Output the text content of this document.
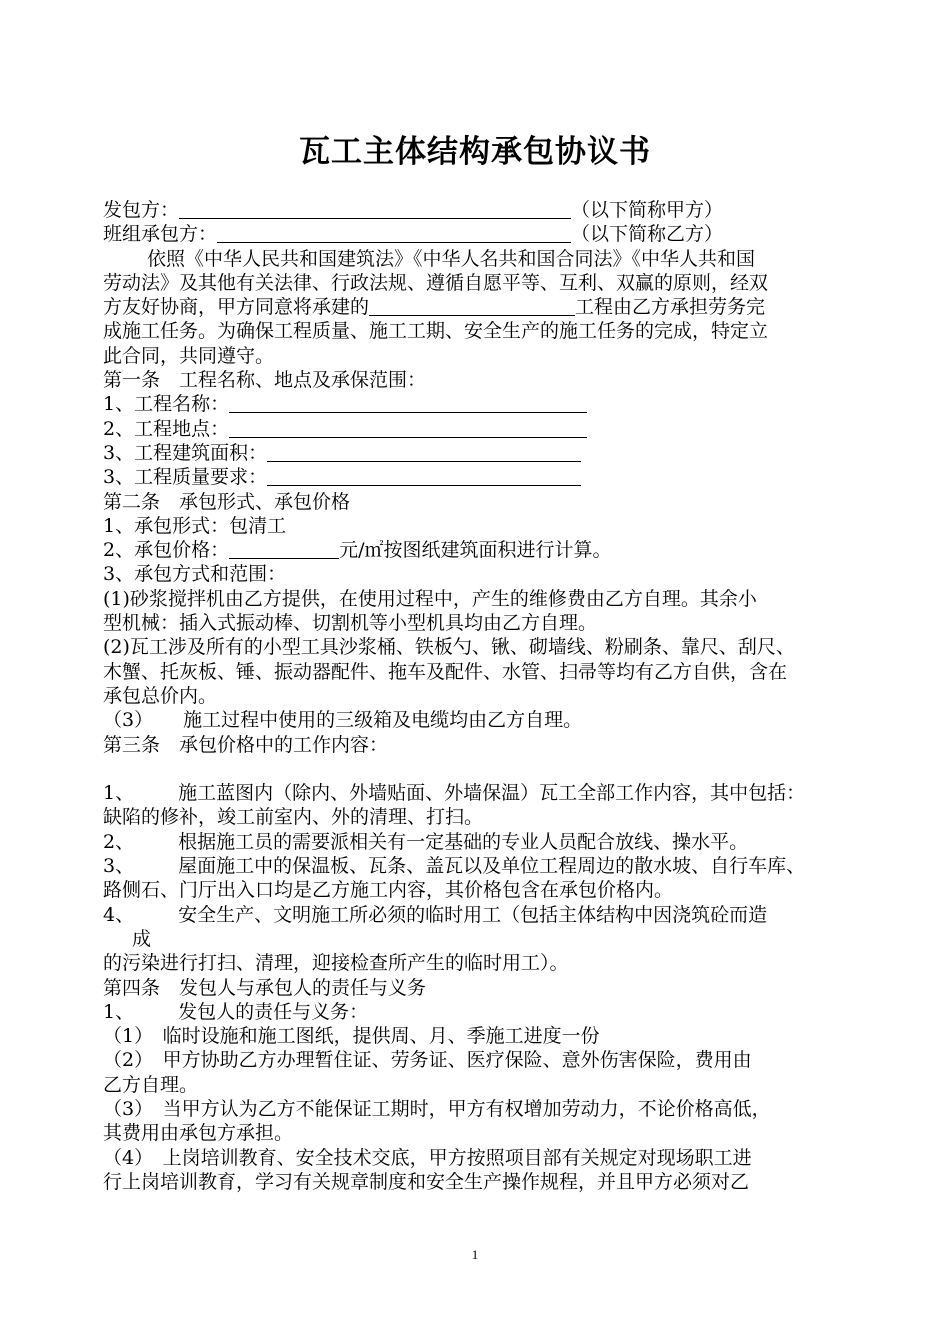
瓦工主体结构承包协议书
发包方：	（以下简称甲方）
班组承包方：	（以下简称乙方）
依照《中华人民共和国建筑法》《中华人名共和国合同法》《中华人共和国
劳动法》及其他有关法律、行政法规、遵循自愿平等、互利、双赢的原则，经双
方友好协商，甲方同意将承建的	工程由乙方承担劳务完
成施工任务。为确保工程质量、施工工期、安全生产的施工任务的完成，特定立
此合同，共同遵守。
第一条　工程名称、地点及承保范围：
1、工程名称：
2、工程地点：
3、工程建筑面积：
3、工程质量要求：
第二条　承包形式、承包价格
1、承包形式：包清工
2、承包价格：	元/㎡按图纸建筑面积进行计算。
3、承包方式和范围：
(1)砂浆搅拌机由乙方提供，在使用过程中，产生的维修费由乙方自理。其余小
型机械：插入式振动棒、切割机等小型机具均由乙方自理。
(2)瓦工涉及所有的小型工具沙浆桶、铁板勺、锹、砌墙线、粉刷条、靠尺、刮尺、
木蟹、托灰板、锤、振动器配件、拖车及配件、水管、扫帚等均有乙方自供，含在
承包总价内。
（3） 施工过程中使用的三级箱及电缆均由乙方自理。
第三条　承包价格中的工作内容：
1、 施工蓝图内（除内、外墙贴面、外墙保温）瓦工全部工作内容，其中包括：
缺陷的修补，竣工前室内、外的清理、打扫。
2、 根据施工员的需要派相关有一定基础的专业人员配合放线、操水平。
3、 屋面施工中的保温板、瓦条、盖瓦以及单位工程周边的散水坡、自行车库、
路侧石、门厅出入口均是乙方施工内容，其价格包含在承包价格内。
4、 安全生产、文明施工所必须的临时用工（包括主体结构中因浇筑砼而造
成
的污染进行打扫、清理，迎接检查所产生的临时用工）。
第四条　发包人与承包人的责任与义务
1、 发包人的责任与义务：
（1）　临时设施和施工图纸，提供周、月、季施工进度一份
（2）　甲方协助乙方办理暂住证、劳务证、医疗保险、意外伤害保险，费用由
乙方自理。
（3）　当甲方认为乙方不能保证工期时，甲方有权增加劳动力，不论价格高低，
其费用由承包方承担。
（4）　上岗培训教育、安全技术交底，甲方按照项目部有关规定对现场职工进
行上岗培训教育，学习有关规章制度和安全生产操作规程，并且甲方必须对乙
1
